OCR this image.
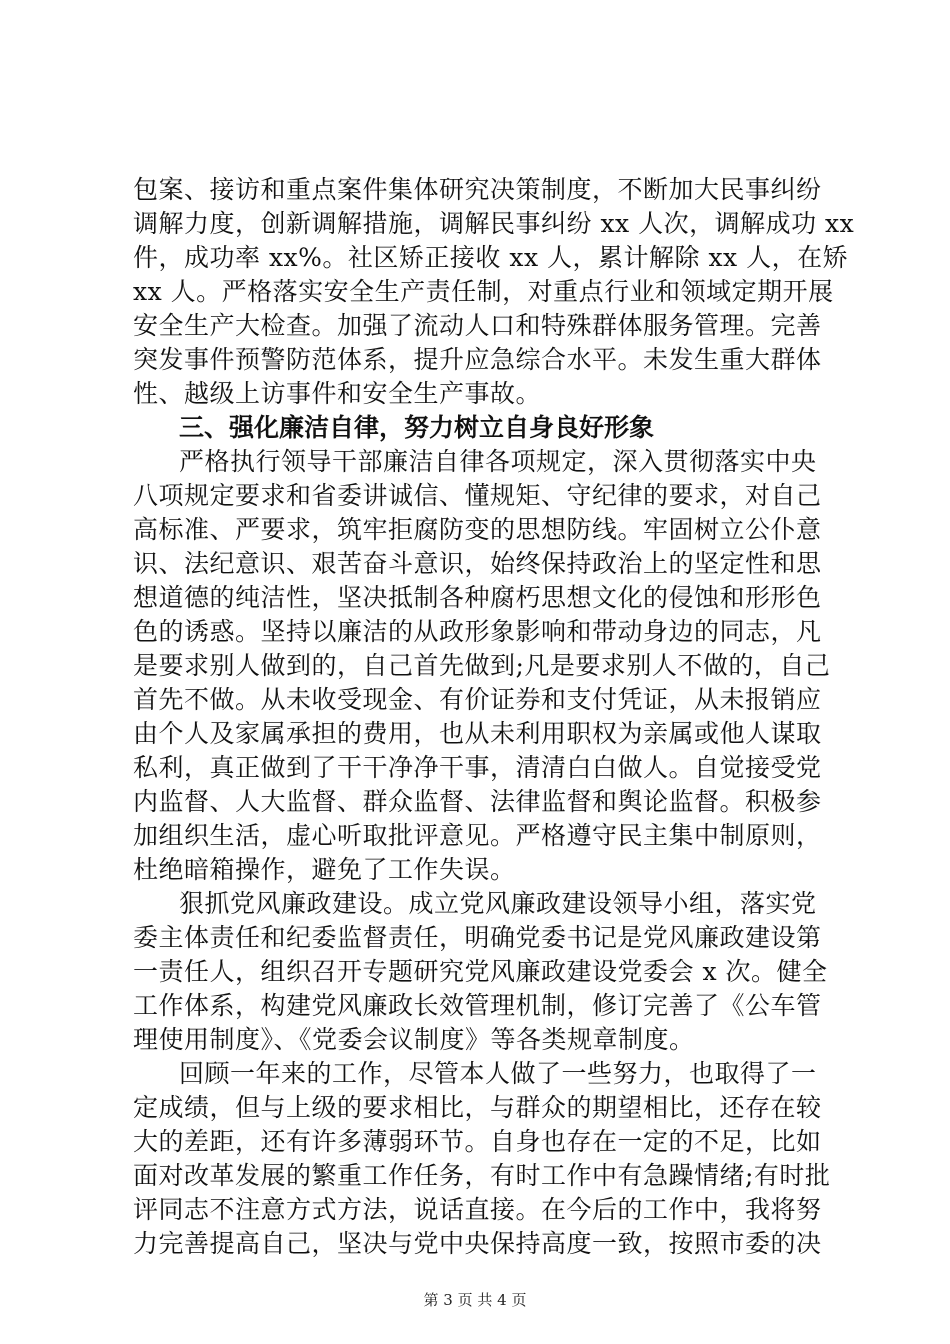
包案、接访和重点案件集体研究决策制度，不断加大民事纠纷
调解力度，创新调解措施，调解民事纠纷 xx 人次，调解成功 xx
件，成功率 xx%。社区矫正接收 xx 人，累计解除 xx 人，在矫
xx 人。严格落实安全生产责任制，对重点行业和领域定期开展
安全生产大检查。加强了流动人口和特殊群体服务管理。完善
突发事件预警防范体系，提升应急综合水平。未发生重大群体
性、越级上访事件和安全生产事故。
三、强化廉洁自律，努力树立自身良好形象
严格执行领导干部廉洁自律各项规定，深入贯彻落实中央
八项规定要求和省委讲诚信、懂规矩、守纪律的要求，对自己
高标准、严要求，筑牢拒腐防变的思想防线。牢固树立公仆意
识、法纪意识、艰苦奋斗意识，始终保持政治上的坚定性和思
想道德的纯洁性，坚决抵制各种腐朽思想文化的侵蚀和形形色
色的诱惑。坚持以廉洁的从政形象影响和带动身边的同志，凡
是要求别人做到的，自己首先做到;凡是要求别人不做的，自己
首先不做。从未收受现金、有价证券和支付凭证，从未报销应
由个人及家属承担的费用，也从未利用职权为亲属或他人谋取
私利，真正做到了干干净净干事，清清白白做人。自觉接受党
内监督、人大监督、群众监督、法律监督和舆论监督。积极参
加组织生活，虚心听取批评意见。严格遵守民主集中制原则，
杜绝暗箱操作，避免了工作失误。
狠抓党风廉政建设。成立党风廉政建设领导小组，落实党
委主体责任和纪委监督责任，明确党委书记是党风廉政建设第
一责任人，组织召开专题研究党风廉政建设党委会 x 次。健全
工作体系，构建党风廉政长效管理机制，修订完善了《公车管
理使用制度》、《党委会议制度》等各类规章制度。
回顾一年来的工作，尽管本人做了一些努力，也取得了一
定成绩，但与上级的要求相比，与群众的期望相比，还存在较
大的差距，还有许多薄弱环节。自身也存在一定的不足，比如
面对改革发展的繁重工作任务，有时工作中有急躁情绪;有时批
评同志不注意方式方法，说话直接。在今后的工作中，我将努
力完善提高自己，坚决与党中央保持高度一致，按照市委的决
第 3 页 共 4 页
